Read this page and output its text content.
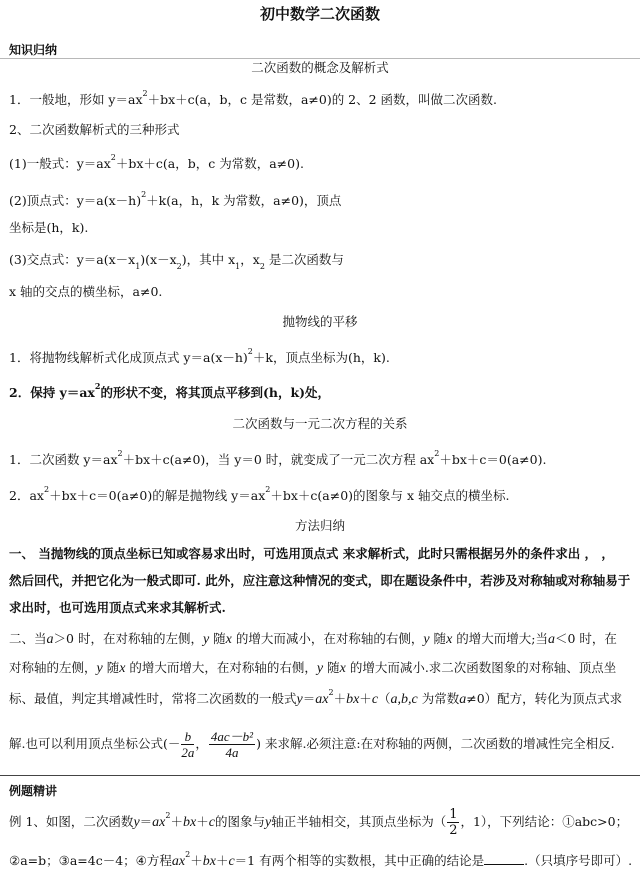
初中数学二次函数
知识归纳
二次函数的概念及解析式
1．一般地，形如 $y=ax^2+bx+c(a$，b，c 是常数，a≠0)的 2、2 函数，叫做二次函数.
2、二次函数解析式的三种形式
(1)一般式：$y=ax^2+bx+c(a$，b，c 为常数，a≠0).
(2)顶点式：$y=a(x-h)^2+k(a$，h，k 为常数，a≠0)，顶点
坐标是(h，k).
(3)交点式：$y=a(x-x_1)(x-x_2)$，其中 $x_1$，$x_2$ 是二次函数与
x 轴的交点的横坐标，a≠0.
抛物线的平移
1．将抛物线解析式化成顶点式 $y=a(x-h)^2+k$，顶点坐标为(h，k).
2．保持 $y=ax^2$的形状不变，将其顶点平移到(h，k)处，
二次函数与一元二次方程的关系
1．二次函数 $y=ax^2+bx+c(a\ne 0)$，当 y＝0 时，就变成了一元二次方程 $ax^2+bx+c=0(a\ne 0)$.
2．$ax^2+bx+c=0(a\ne 0)$的解是抛物线 $y=ax^2+bx+c(a\ne 0)$的图象与 x 轴交点的横坐标.
方法归纳
一、 当抛物线的顶点坐标已知或容易求出时，可选用顶点式 来求解析式，此时只需根据另外的条件求出 ， ，
然后回代，并把它化为一般式即可. 此外，应注意这种情况的变式，即在题设条件中，若涉及对称轴或对称轴易于
求出时，也可选用顶点式来求其解析式.
二、当a＞0 时，在对称轴的左侧，y 随x 的增大而减小，在对称轴的右侧，y 随x 的增大而增大;当a＜0 时，在
对称轴的左侧，y 随x 的增大而增大，在对称轴的右侧，y 随x 的增大而减小.求二次函数图象的对称轴、顶点坐
标、最值，判定其增减性时，常将二次函数的一般式$y=ax^2+bx+c(a,b,c$ 为常数a≠0）配方，转化为顶点式求
解.也可以利用顶点坐标公式(－ $\frac{b}{2a}$ ， $\frac{\text{4ac－b²}}{4a}$ ) 来求解.必须注意:在对称轴的两侧，二次函数的增减性完全相反.
例题精讲
例 1、如图，二次函数$y=ax^2+bx+c$的图象与y轴正半轴相交，其顶点坐标为（ $\frac{1}{2}$ ，1），下列结论：①abc>0；
②a=b；③a=4c－4；④方程$ax^2+bx+c=1$ 有两个相等的实数根，其中正确的结论是	.（只填序号即可）.
